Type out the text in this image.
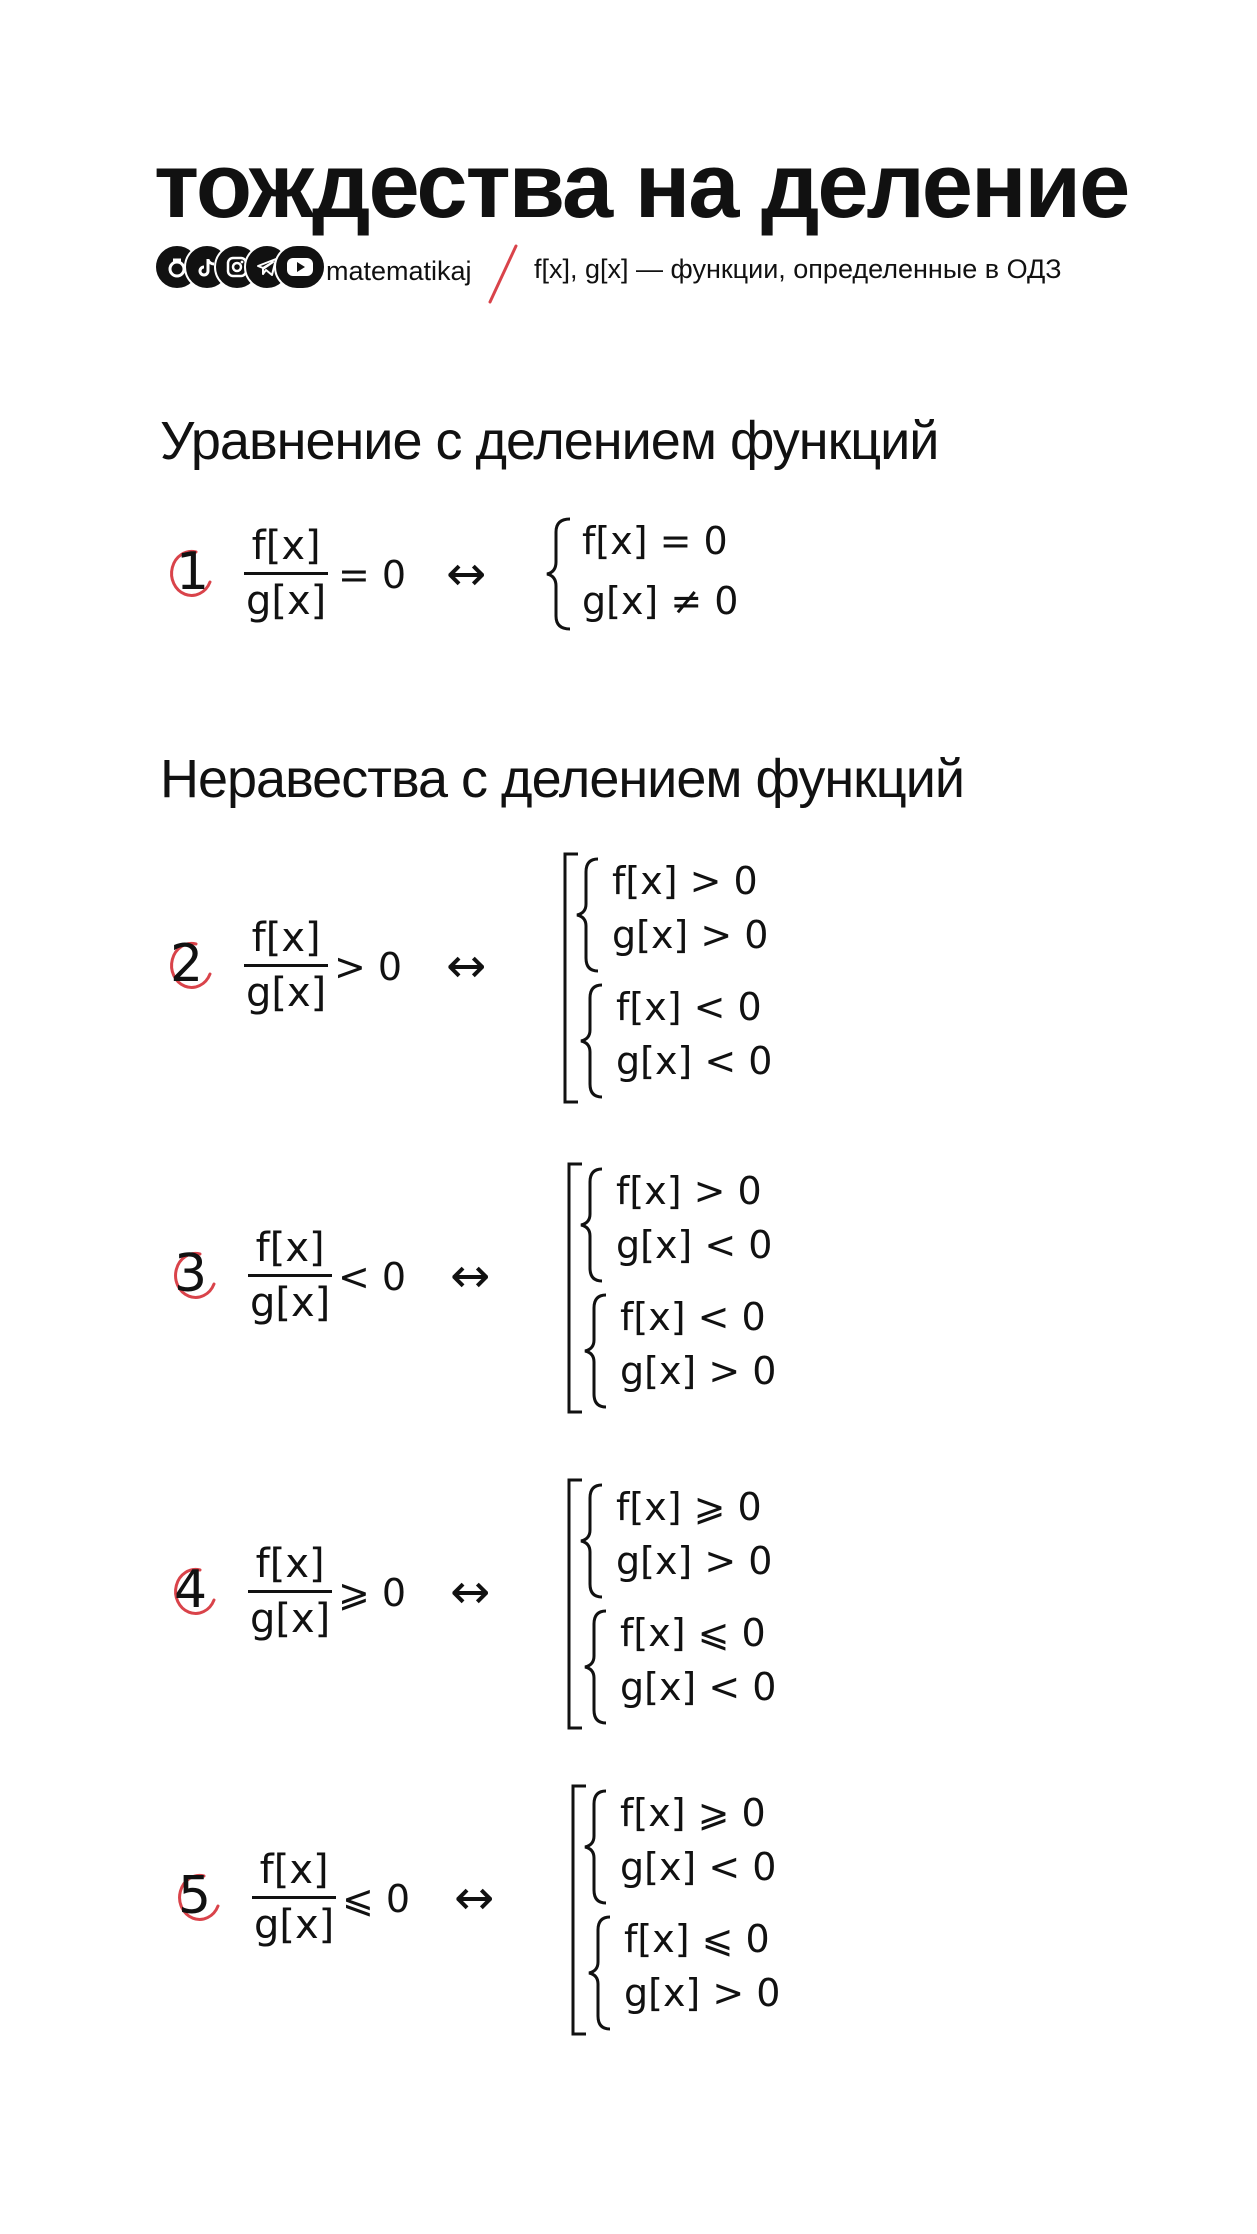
тождества на деление
matematikaj f[x], g[x] — функции, определенные в ОДЗ
Уравнение с делением функций
1 f[x]
g[x]
= 0 ↔
f[x] = 0
g[x] ≠ 0
Неравества с делением функций
2 f[x]
g[x]
> 0 ↔
f[x] > 0
g[x] > 0
f[x] < 0
g[x] < 0
3 f[x]
g[x]
< 0 ↔
f[x] > 0
g[x] < 0
f[x] < 0
g[x] > 0
4 f[x]
g[x]
⩾ 0 ↔
f[x] ⩾ 0
g[x] > 0
f[x] ⩽ 0
g[x] < 0
5 f[x]
g[x]
⩽ 0 ↔
f[x] ⩾ 0
g[x] < 0
f[x] ⩽ 0
g[x] > 0
